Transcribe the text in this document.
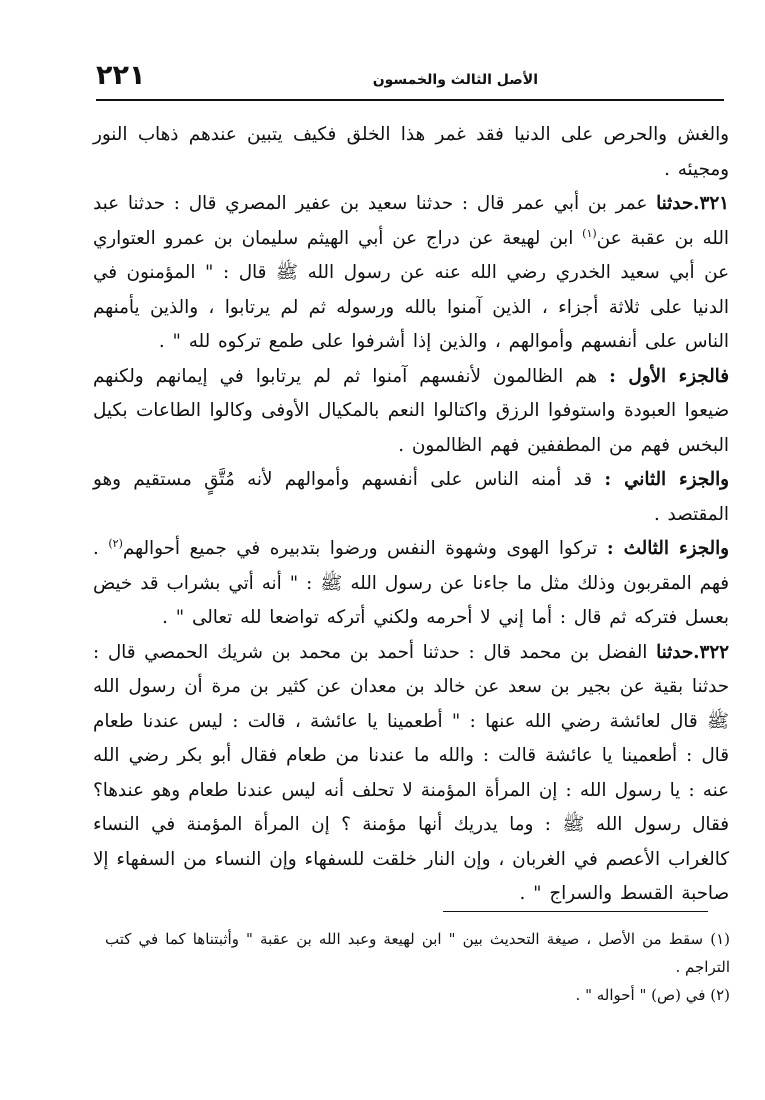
٢٢١	الأصل الثالث والخمسون

والغش والحرص على الدنيا فقد غمر هذا الخلق فكيف يتبين عندهم ذهاب النور ومجيئه .

٣٢١.حدثنا عمر بن أبي عمر قال : حدثنا سعيد بن عفير المصري قال : حدثنا عبد الله بن عقبة عن$^{(١)}$ ابن لهيعة عن دراج عن أبي الهيثم سليمان بن عمرو العتواري عن أبي سعيد الخدري رضي الله عنه عن رسول الله ﷺ قال : " المؤمنون في الدنيا على ثلاثة أجزاء ، الذين آمنوا بالله ورسوله ثم لم يرتابوا ، والذين يأمنهم الناس على أنفسهم وأموالهم ، والذين إذا أشرفوا على طمع تركوه لله " .

فالجزء الأول : هم الظالمون لأنفسهم آمنوا ثم لم يرتابوا في إيمانهم ولكنهم ضيعوا العبودة واستوفوا الرزق واكتالوا النعم بالمكيال الأوفى وكالوا الطاعات بكيل البخس فهم من المطففين فهم الظالمون .

والجزء الثاني : قد أمنه الناس على أنفسهم وأموالهم لأنه مُتَّقٍ مستقيم وهو المقتصد .

والجزء الثالث : تركوا الهوى وشهوة النفس ورضوا بتدبيره في جميع أحوالهم$^{(٢)}$ . فهم المقربون وذلك مثل ما جاءنا عن رسول الله ﷺ : " أنه أتي بشراب قد خيض بعسل فتركه ثم قال : أما إني لا أحرمه ولكني أتركه تواضعا لله تعالى " .

٣٢٢.حدثنا الفضل بن محمد قال : حدثنا أحمد بن محمد بن شريك الحمصي قال : حدثنا بقية عن بجير بن سعد عن خالد بن معدان عن كثير بن مرة أن رسول الله ﷺ قال لعائشة رضي الله عنها : " أطعمينا يا عائشة ، قالت : ليس عندنا طعام قال : أطعمينا يا عائشة قالت : والله ما عندنا من طعام فقال أبو بكر رضي الله عنه : يا رسول الله : إن المرأة المؤمنة لا تحلف أنه ليس عندنا طعام وهو عندها؟ فقال رسول الله ﷺ : وما يدريك أنها مؤمنة ؟ إن المرأة المؤمنة في النساء كالغراب الأعصم في الغربان ، وإن النار خلقت للسفهاء وإن النساء من السفهاء إلا صاحبة القسط والسراج " .

(١) سقط من الأصل ، صيغة التحديث بين " ابن لهيعة وعبد الله بن عقبة " وأثبتناها كما في كتب التراجم .

(٢) في (ص) " أحواله " .
